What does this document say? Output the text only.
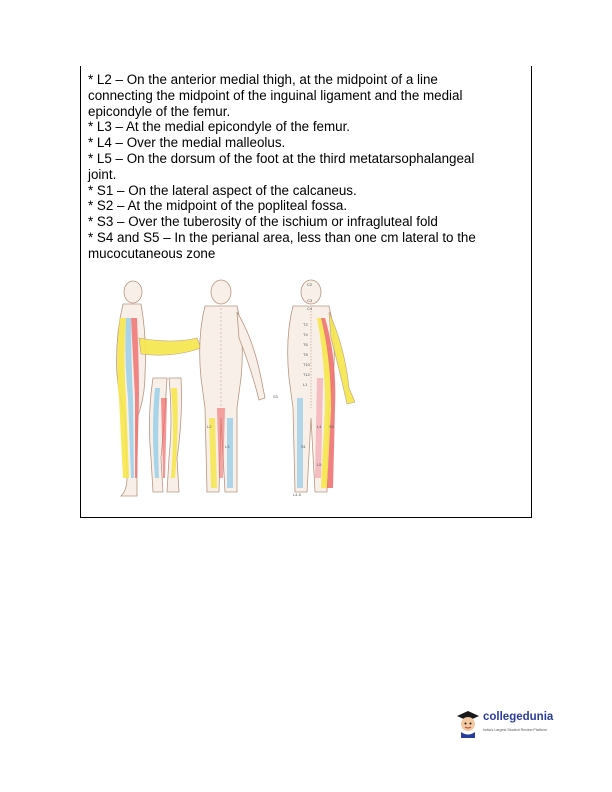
* L2 – On the anterior medial thigh, at the midpoint of a line
connecting the midpoint of the inguinal ligament and the medial
epicondyle of the femur.
* L3 – At the medial epicondyle of the femur.
* L4 – Over the medial malleolus.
* L5 – On the dorsum of the foot at the third metatarsophalangeal
joint.
* S1 – On the lateral aspect of the calcaneus.
* S2 – At the midpoint of the popliteal fossa.
* S3 – Over the tuberosity of the ischium or infragluteal fold
* S4 and S5 – In the perianal area, less than one cm lateral to the
mucocutaneous zone
C2
C3
C4
T2
T4
T6
T8
T10
T12
L1
L2
L3
L4
L5
S1
S2
S3
L4-5
collegedunia
India's Largest Student Review Platform
